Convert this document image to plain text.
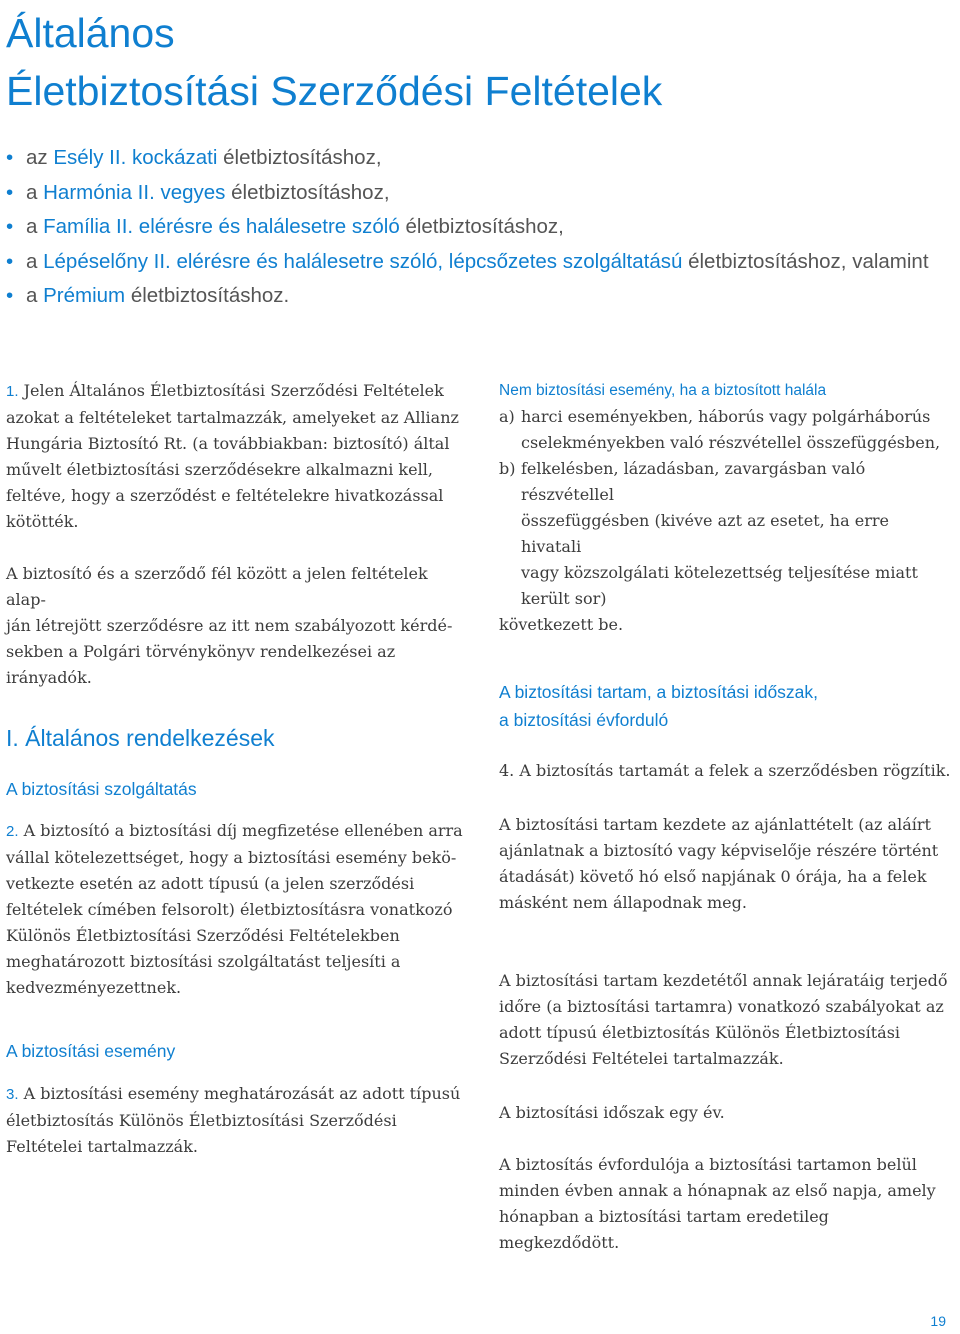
Általános
Életbiztosítási Szerződési Feltételek
• az Esély II. kockázati életbiztosításhoz,
• a Harmónia II. vegyes életbiztosításhoz,
• a Família II. elérésre és halálesetre szóló életbiztosításhoz,
• a Lépéselőny II. elérésre és halálesetre szóló, lépcsőzetes szolgáltatású életbiztosításhoz, valamint
• a Prémium életbiztosításhoz.

1. Jelen Általános Életbiztosítási Szerződési Feltételek
azokat a feltételeket tartalmazzák, amelyeket az Allianz
Hungária Biztosító Rt. (a továbbiakban: biztosító) által
művelt életbiztosítási szerződésekre alkalmazni kell,
feltéve, hogy a szerződést e feltételekre hivatkozással
kötötték.

A biztosító és a szerződő fél között a jelen feltételek alap-
ján létrejött szerződésre az itt nem szabályozott kérdé-
sekben a Polgári törvénykönyv rendelkezései az
irányadók.

I. Általános rendelkezések
A biztosítási szolgáltatás

2. A biztosító a biztosítási díj megfizetése ellenében arra
vállal kötelezettséget, hogy a biztosítási esemény bekö-
vetkezte esetén az adott típusú (a jelen szerződési
feltételek címében felsorolt) életbiztosításra vonatkozó
Különös Életbiztosítási Szerződési Feltételekben
meghatározott biztosítási szolgáltatást teljesíti a
kedvezményezettnek.

A biztosítási esemény

3. A biztosítási esemény meghatározását az adott típusú
életbiztosítás Különös Életbiztosítási Szerződési
Feltételei tartalmazzák.

Nem biztosítási esemény, ha a biztosított halála

a) harci eseményekben, háborús vagy polgárháborús
cselekményekben való részvétellel összefüggésben,

b) felkelésben, lázadásban, zavargásban való részvétellel
összefüggésben (kivéve azt az esetet, ha erre hivatali
vagy közszolgálati kötelezettség teljesítése miatt
került sor)

következett be.

A biztosítási tartam, a biztosítási időszak,
a biztosítási évforduló

4. A biztosítás tartamát a felek a szerződésben rögzítik.

A biztosítási tartam kezdete az ajánlattételt (az aláírt
ajánlatnak a biztosító vagy képviselője részére történt
átadását) követő hó első napjának 0 órája, ha a felek
másként nem állapodnak meg.

A biztosítási tartam kezdetétől annak lejáratáig terjedő
időre (a biztosítási tartamra) vonatkozó szabályokat az
adott típusú életbiztosítás Különös Életbiztosítási
Szerződési Feltételei tartalmazzák.

A biztosítási időszak egy év.

A biztosítás évfordulója a biztosítási tartamon belül
minden évben annak a hónapnak az első napja, amely
hónapban a biztosítási tartam eredetileg megkezdődött.

19
